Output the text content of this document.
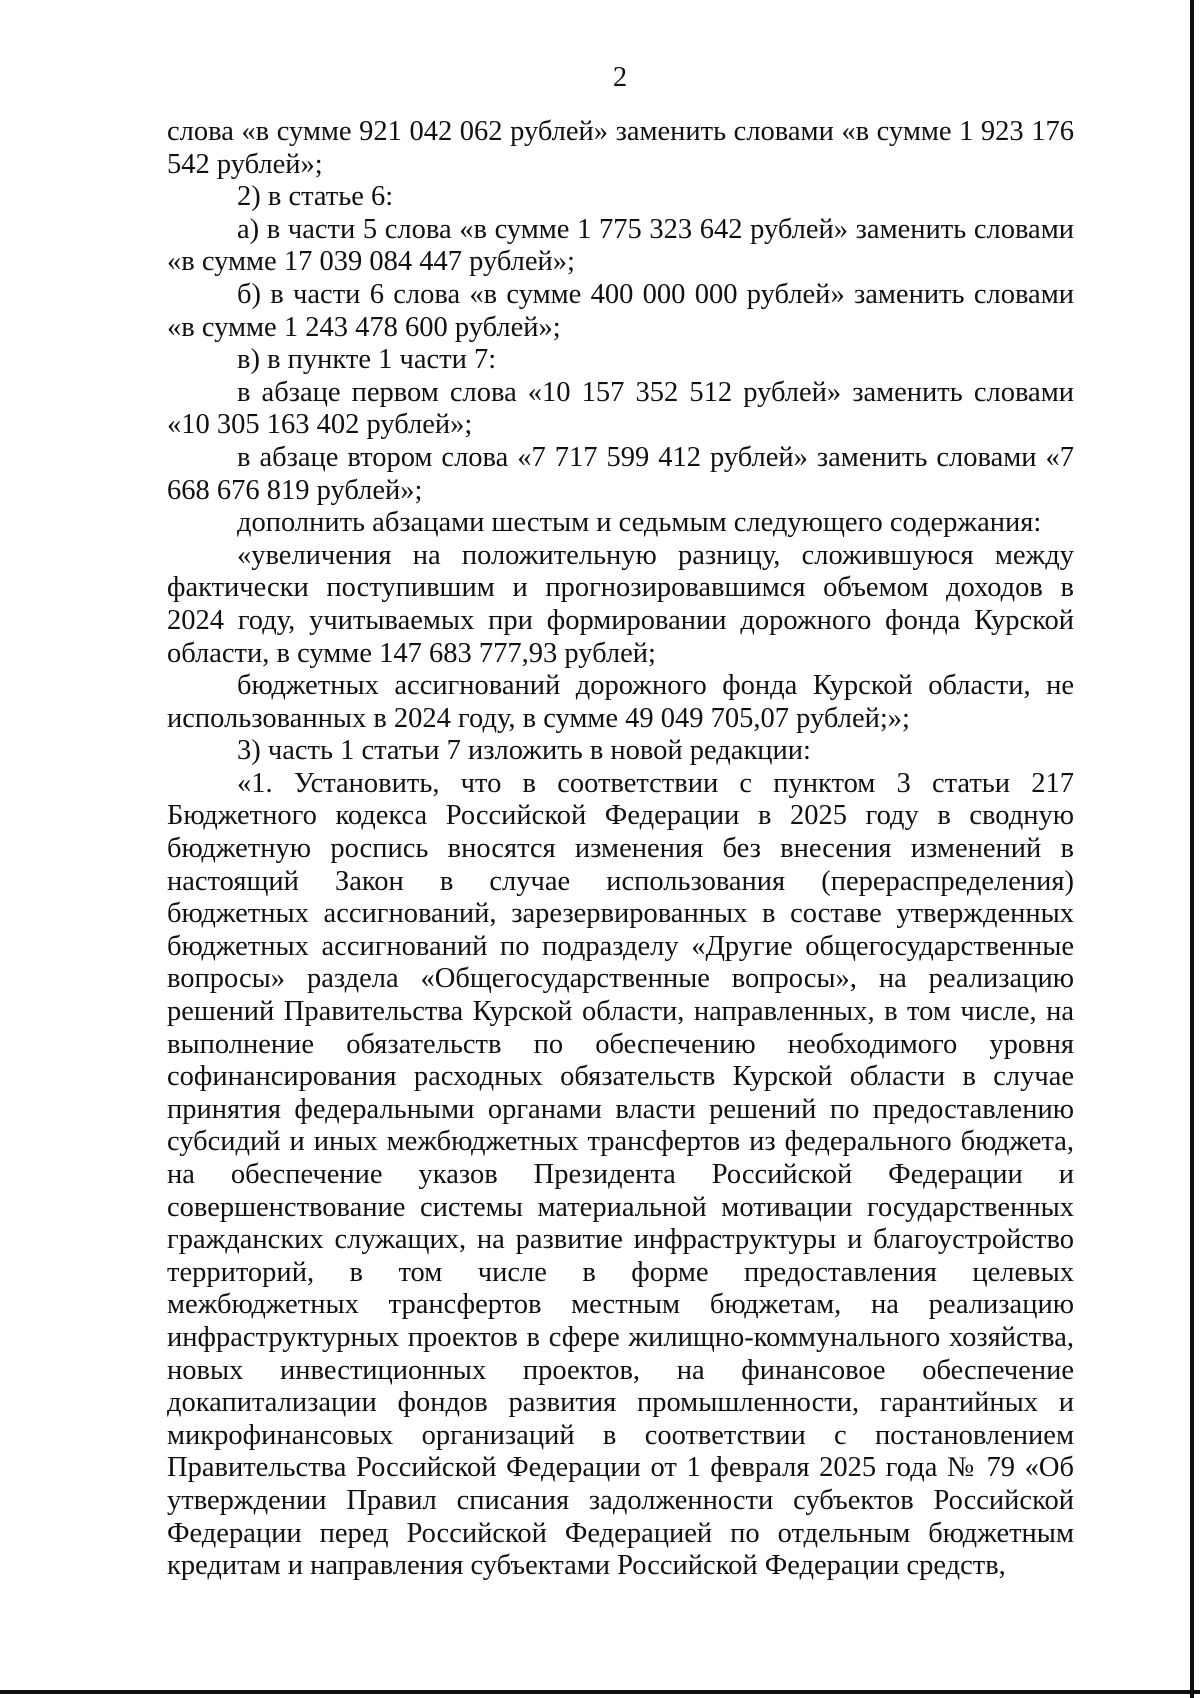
2

слова «в сумме 921 042 062 рублей» заменить словами «в сумме 1 923 176 542 рублей»;

2) в статье 6:

а) в части 5 слова «в сумме 1 775 323 642 рублей» заменить словами «в сумме 17 039 084 447 рублей»;

б) в части 6 слова «в сумме 400 000 000 рублей» заменить словами «в сумме 1 243 478 600 рублей»;

в) в пункте 1 части 7:

в абзаце первом слова «10 157 352 512 рублей» заменить словами «10 305 163 402 рублей»;

в абзаце втором слова «7 717 599 412 рублей» заменить словами «7 668 676 819 рублей»;

дополнить абзацами шестым и седьмым следующего содержания:

«увеличения на положительную разницу, сложившуюся между фактически поступившим и прогнозировавшимся объемом доходов в 2024 году, учитываемых при формировании дорожного фонда Курской области, в сумме 147 683 777,93 рублей;

бюджетных ассигнований дорожного фонда Курской области, не использованных в 2024 году, в сумме 49 049 705,07 рублей;»;

3) часть 1 статьи 7 изложить в новой редакции:

«1. Установить, что в соответствии с пунктом 3 статьи 217 Бюджетного кодекса Российской Федерации в 2025 году в сводную бюджетную роспись вносятся изменения без внесения изменений в настоящий Закон в случае использования (перераспределения) бюджетных ассигнований, зарезервированных в составе утвержденных бюджетных ассигнований по подразделу «Другие общегосударственные вопросы» раздела «Общегосударственные вопросы», на реализацию решений Правительства Курской области, направленных, в том числе, на выполнение обязательств по обеспечению необходимого уровня софинансирования расходных обязательств Курской области в случае принятия федеральными органами власти решений по предоставлению субсидий и иных межбюджетных трансфертов из федерального бюджета, на обеспечение указов Президента Российской Федерации и совершенствование системы материальной мотивации государственных гражданских служащих, на развитие инфраструктуры и благоустройство территорий, в том числе в форме предоставления целевых межбюджетных трансфертов местным бюджетам, на реализацию инфраструктурных проектов в сфере жилищно-коммунального хозяйства, новых инвестиционных проектов, на финансовое обеспечение докапитализации фондов развития промышленности, гарантийных и микрофинансовых организаций в соответствии с постановлением Правительства Российской Федерации от 1 февраля 2025 года № 79 «Об утверждении Правил списания задолженности субъектов Российской Федерации перед Российской Федерацией по отдельным бюджетным кредитам и направления субъектами Российской Федерации средств,
